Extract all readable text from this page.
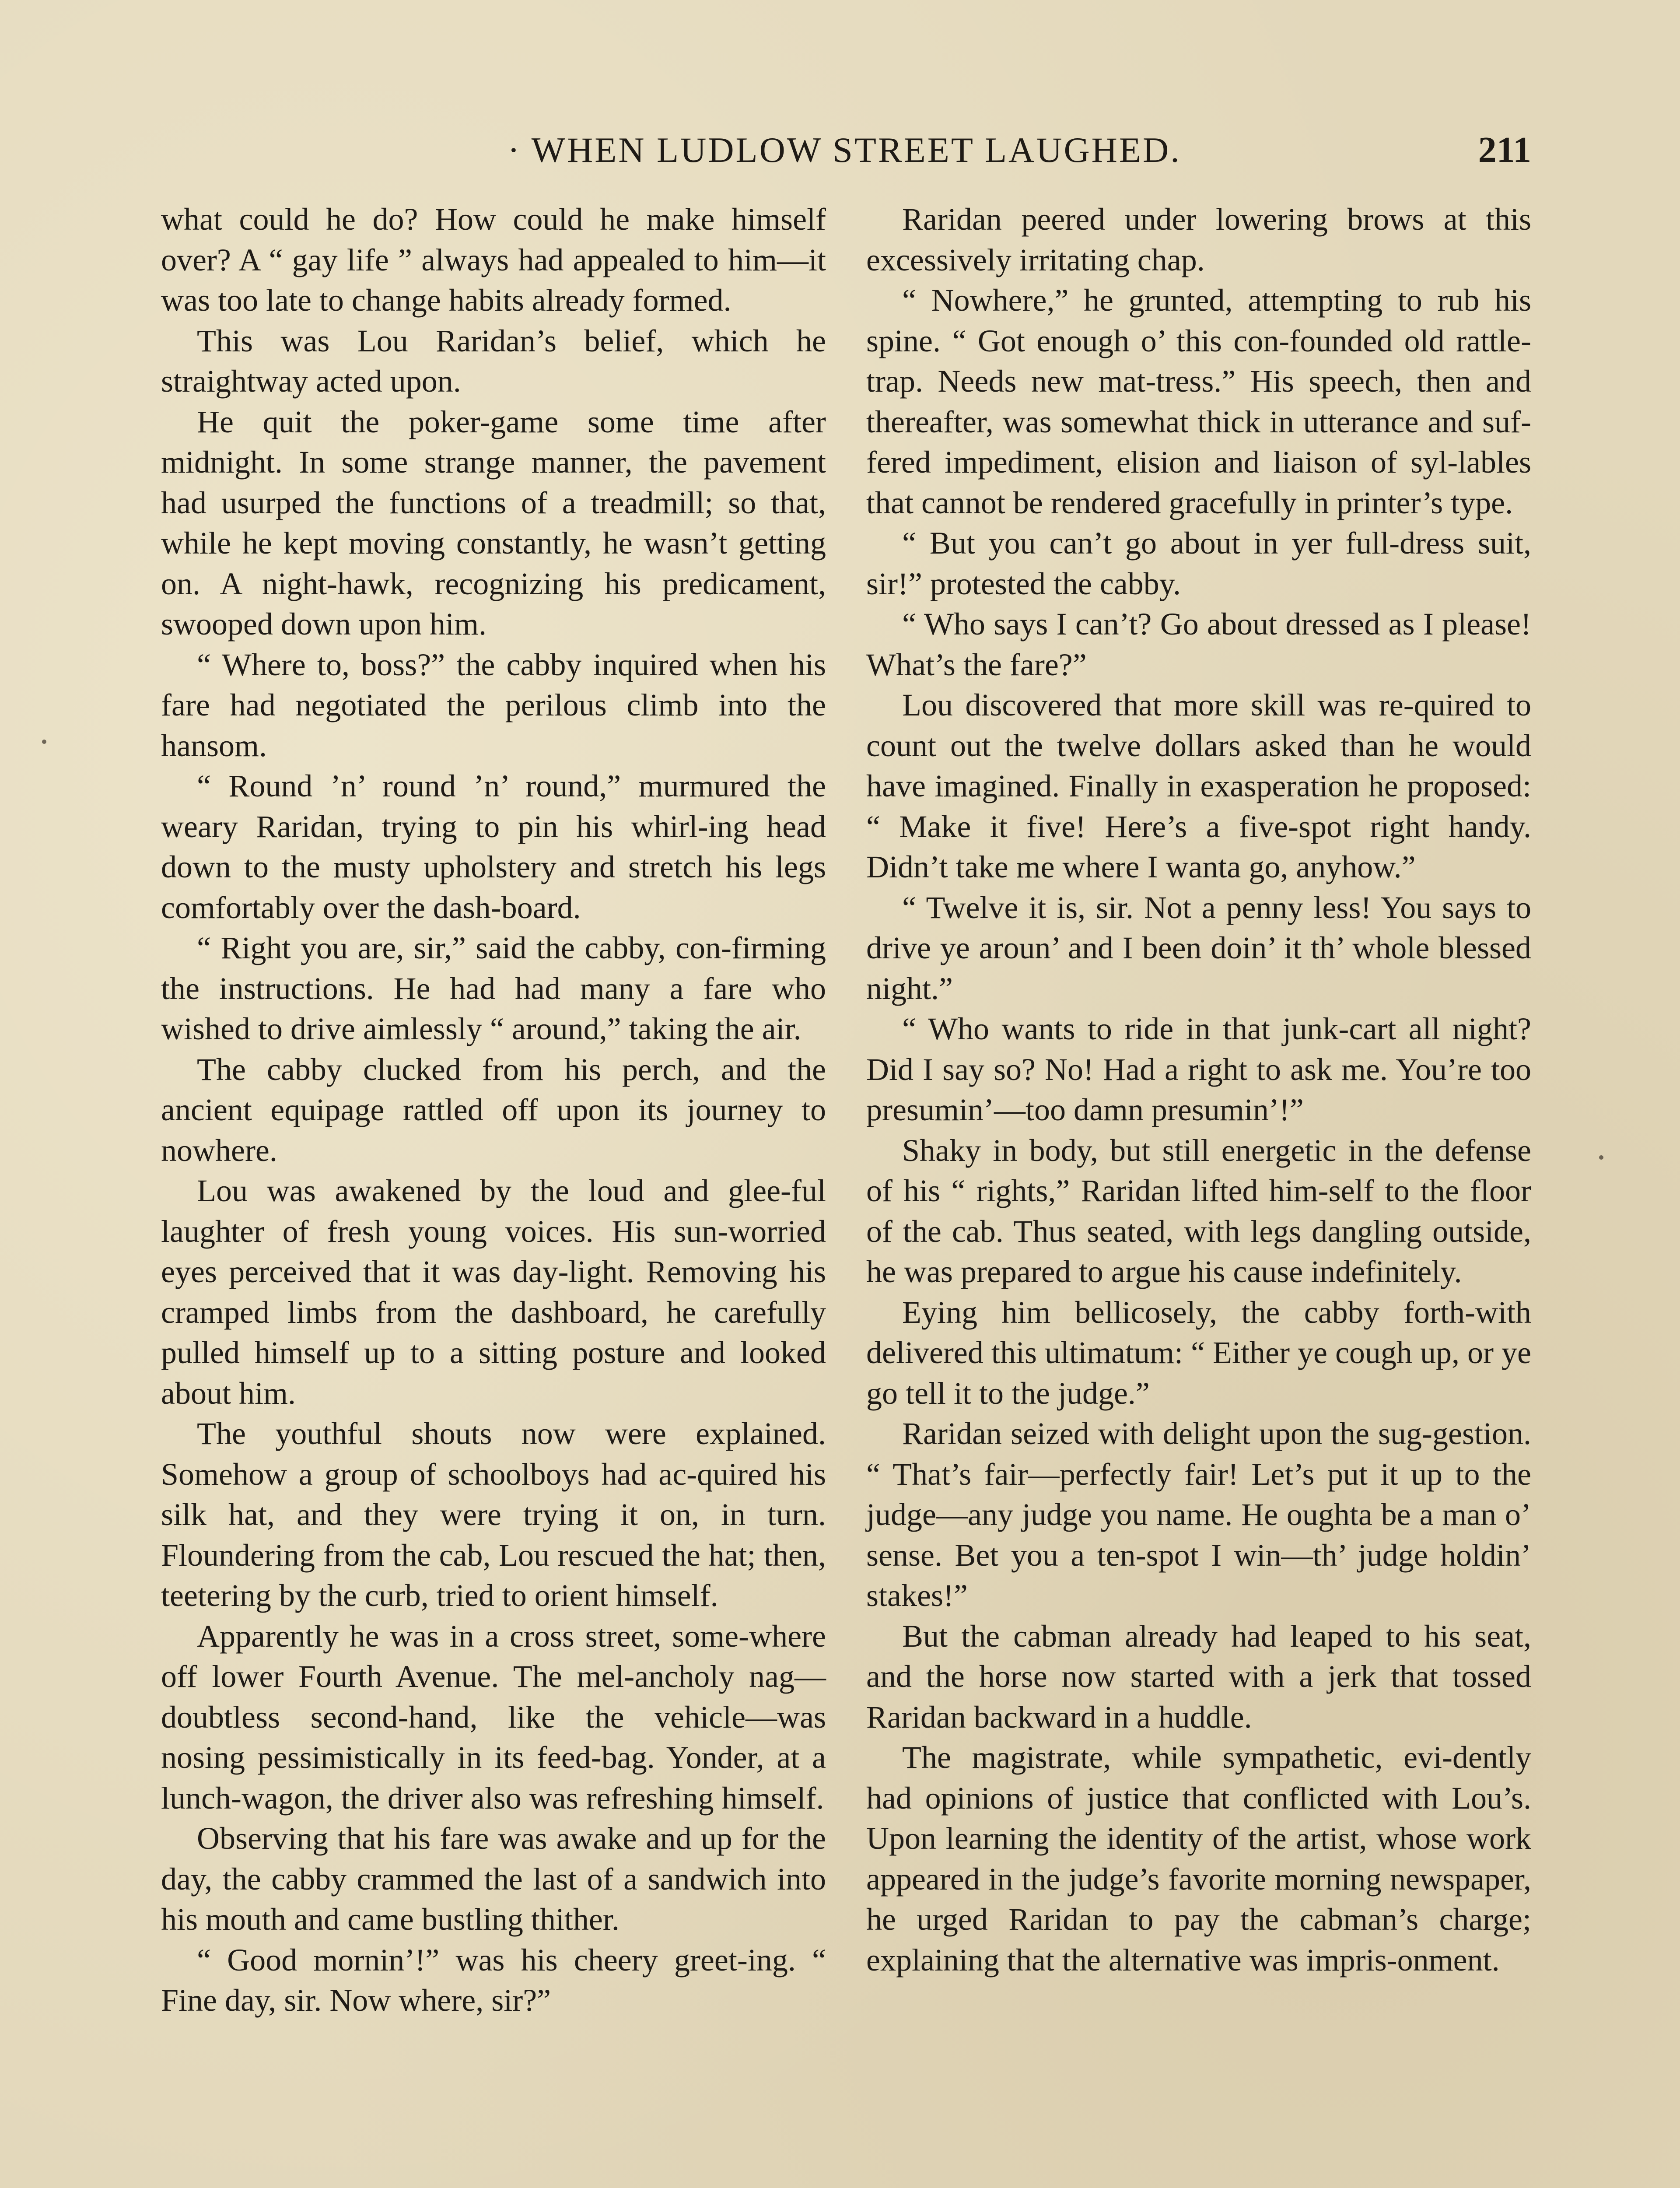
· WHEN LUDLOW STREET LAUGHED.	211

what could he do? How could he make himself over? A “ gay life ” always had appealed to him—it was too late to change habits already formed.

This was Lou Raridan’s belief, which he straightway acted upon.

He quit the poker-game some time after midnight. In some strange manner, the pavement had usurped the functions of a treadmill; so that, while he kept moving constantly, he wasn’t getting on. A night-hawk, recognizing his predicament, swooped down upon him.

“ Where to, boss?” the cabby inquired when his fare had negotiated the perilous climb into the hansom.

“ Round ’n’ round ’n’ round,” murmured the weary Raridan, trying to pin his whirl-ing head down to the musty upholstery and stretch his legs comfortably over the dash-board.

“ Right you are, sir,” said the cabby, con-firming the instructions. He had had many a fare who wished to drive aimlessly “ around,” taking the air.

The cabby clucked from his perch, and the ancient equipage rattled off upon its journey to nowhere.

Lou was awakened by the loud and glee-ful laughter of fresh young voices. His sun-worried eyes perceived that it was day-light. Removing his cramped limbs from the dashboard, he carefully pulled himself up to a sitting posture and looked about him.

The youthful shouts now were explained. Somehow a group of schoolboys had ac-quired his silk hat, and they were trying it on, in turn. Floundering from the cab, Lou rescued the hat; then, teetering by the curb, tried to orient himself.

Apparently he was in a cross street, some-where off lower Fourth Avenue. The mel-ancholy nag—doubtless second-hand, like the vehicle—was nosing pessimistically in its feed-bag. Yonder, at a lunch-wagon, the driver also was refreshing himself.

Observing that his fare was awake and up for the day, the cabby crammed the last of a sandwich into his mouth and came bustling thither.

“ Good mornin’!” was his cheery greet-ing. “ Fine day, sir. Now where, sir?”

Raridan peered under lowering brows at this excessively irritating chap.

“ Nowhere,” he grunted, attempting to rub his spine. “ Got enough o’ this con-founded old rattle-trap. Needs new mat-tress.” His speech, then and thereafter, was somewhat thick in utterance and suf-fered impediment, elision and liaison of syl-lables that cannot be rendered gracefully in printer’s type.

“ But you can’t go about in yer full-dress suit, sir!” protested the cabby.

“ Who says I can’t? Go about dressed as I please! What’s the fare?”

Lou discovered that more skill was re-quired to count out the twelve dollars asked than he would have imagined. Finally in exasperation he proposed: “ Make it five! Here’s a five-spot right handy. Didn’t take me where I wanta go, anyhow.”

“ Twelve it is, sir. Not a penny less! You says to drive ye aroun’ and I been doin’ it th’ whole blessed night.”

“ Who wants to ride in that junk-cart all night? Did I say so? No! Had a right to ask me. You’re too presumin’—too damn presumin’!”

Shaky in body, but still energetic in the defense of his “ rights,” Raridan lifted him-self to the floor of the cab. Thus seated, with legs dangling outside, he was prepared to argue his cause indefinitely.

Eying him bellicosely, the cabby forth-with delivered this ultimatum: “ Either ye cough up, or ye go tell it to the judge.”

Raridan seized with delight upon the sug-gestion. “ That’s fair—perfectly fair! Let’s put it up to the judge—any judge you name. He oughta be a man o’ sense. Bet you a ten-spot I win—th’ judge holdin’ stakes!”

But the cabman already had leaped to his seat, and the horse now started with a jerk that tossed Raridan backward in a huddle.

The magistrate, while sympathetic, evi-dently had opinions of justice that conflicted with Lou’s. Upon learning the identity of the artist, whose work appeared in the judge’s favorite morning newspaper, he urged Raridan to pay the cabman’s charge; explaining that the alternative was impris-onment.
